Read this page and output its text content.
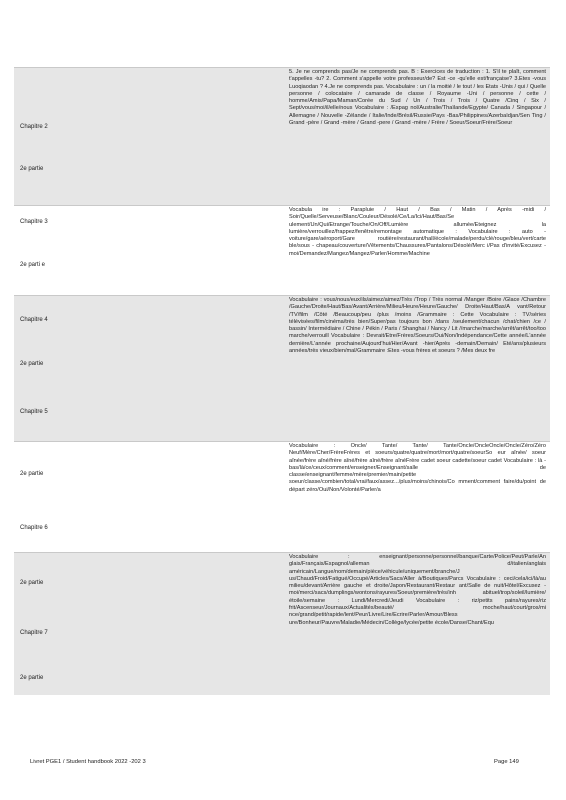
Chapitre 2
2e partie
5. Je ne comprends pas/Je ne comprends pas. B : Exercices de traduction : 1. S'il te plaît, comment t'appelles -tu? 2. Comment s'appelle votre professeur/de? Est -ce -qu'elle est/française? 3.Etes -vous Luoqiaodan ? 4.Je ne comprends pas. Vocabulaire : un / la moitié / le tout / les Etats -Unis / qui / Quelle personne / colocataire / camarade de classe / Royaume -Uni / personne / cette / homme/Amis/Papa/Maman/Corée du Sud / Un / Trois / Trois / Quatre /Cinq / Six / Sept/vous/moi/il/elle/nous Vocabulaire : /Espag nol/Australie/Thaïlande/Egypte/ Canada / Singapour / Allemagne / Nouvelle -Zélande / Italie/Inde/Brésil/Russie/Pays -Bas/Philippines/Azerbaïdjan/Sen Ting / Grand -père / Grand -mère / Grand -pere / Grand -mère / Frère / Soeur/Soeur/Frère/Soeur
Chapitre 3
2e parti e
Vocabula ire : Parapluie / Haut / Bas / Matin / Après -midi / Soir/Quelle/Serveuse/Blanc/Couleur/Désolé/Ce/La/Ici/Haut/Bas/Se ulement/Un/Qui/Etrange/Touche/On/Off/Lumière allumée/Eteignez la lumière/verrouillez/frappez/fenêtre/remontage automatique : Vocabulaire : auto -voiture/gare/aéroport/Gare routière/restaurant/hall/école/malade/perdu/clé/rouge/bleu/vert/carte ble/sous - chapeau/couverture/Vêtements/Chaussures/Pantalons/Désolé/Merc i/Pas d'invité/Excusez -moi/Demandez/Mangez/Mangez/Parler/Homme/Machine
Chapitre 4
2e partie
Chapitre 5
Vocabulaire : vous/nous/eux/ils/aimez/aimez/Très /Trop / Très normal /Manger /Boire /Glace /Chambre /Gauche/Droite/Haut/Bas/Avant/Arrière/Milieu/Heure/Heure/Gauche/ Droite/Haut/Bas/A vant/Retour /TV/film /Côté /Beaucoup/peu /plus /moins /Grammaire : Cette Vocabulaire : TV/séries télévisées/film/cinéma/très bien/Super/pas toujours bon /dans /seulement/chacun /chat/chien /ce / bassin/ Intermédiaire / Chine / Pékin / Paris / Shanghai / Nancy / Lit //marche/marche/arrêt/arrêt/too/too marche/verrouill Vocabulaire : Devrait/Etre/Frères/Soeurs/Oui/Non/Indépendance/Cette année/L'année dernière/L'année prochaine/Aujourd'hui/Hier/Avant -hier/Après -demain/Demain/ Eté/ans/plusieurs années/très vieux/bien/mal/Grammaire :Etes -vous frères et soeurs ? /Mes deux fre
2e partie
Chapitre 6
Vocabulaire : Oncle/ Tante/ Tante/ Tante/Oncle/OncleOncle/Oncle/Zéro/Zéro Neuf/Mère/Cher/FrèreFrères et soeurs/quatre/quatre/mort/mort/quatre/soeurSo eur aînée/ soeur aînée/frère aîné/frère aîné/frère aîné/frère aînéFrère cadet soeur cadette/soeur cadet Vocabulaire : là -bas/là/ce/ceux/comment/enseigner/Enseignant/salle de classe/enseignant/femme/mère/premier/main/petite soeur/classe/combien/total/vrai/faux/assez.../plus/moins/chinois/Co mment/comment faire/du/point de départ zéro/Oui/Non/Volonté/Parler/a
2e partie
Chapitre 7
2e partie
Vocabulaire : enseignant/personne/personnel/banque/Carte/Police/Peut/Parle/An glais/Français/Espagnol/alleman d/italien/anglais américain/Langue/nom/demain/pièce/véhicule/uniquement/branche/J us/Chaud/Froid/Fatigué/Occupé/Articles/Sacs/Aller à/Boutiques/Parcs Vocabulaire : ceci/cela/ici/là/au milieu/devant/Arrière gauche et droite/Japon/Restaurant/Restaur ant/Salle de nuit/Hôtel/Excusez -moi/merci/sacs/dumplings/wontons/rayures/Soeur/première/très/inh abituel/trop/soleil/lumière/étoile/semaine : Lundi/Mercredi/Jeudi Vocabulaire : riz/petits pains/rayures/riz frit/Ascenseur/Journaux/Actualités/beauté/ moche/haut/court/gros/mi nce/grand/petit/rapide/lent/Peur/Livre/Lire/Ecrire/Parler/Amour/Bless ure/Bonheur/Pauvre/Maladie/Médecin/Collège/lycée/petite école/Danse/Chant/Equ
Livret PGE1 / Student handbook 2022 -202 3	Page 149
